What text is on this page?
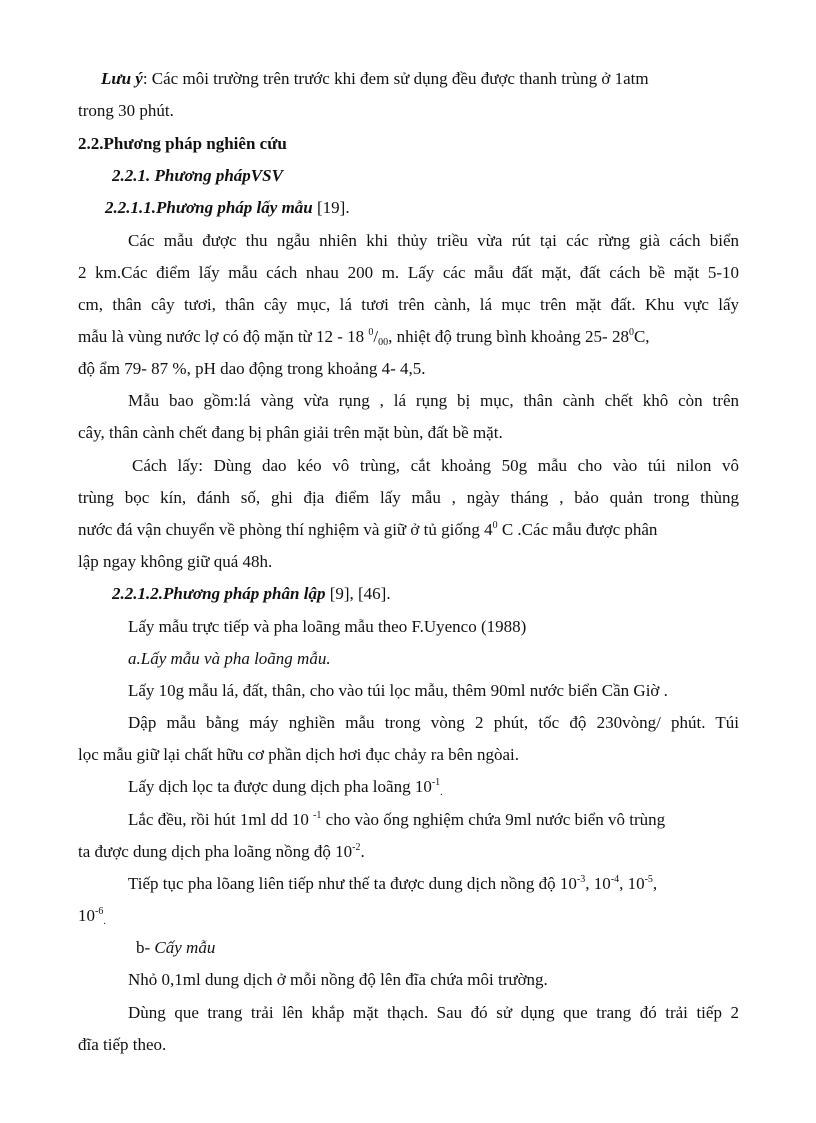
Lưu ý: Các môi trường trên trước khi đem sử dụng đều được thanh trùng ở 1atm
trong 30 phút.
2.2.Phương pháp nghiên cứu
2.2.1. Phương phápVSV
2.2.1.1.Phương pháp lấy mẫu [19].
Các mẫu được thu ngẫu nhiên khi thủy triều vừa rút tại các rừng già cách biển
2 km.Các điểm lấy mẫu cách nhau 200 m. Lấy các mẫu đất mặt, đất cách bề mặt 5-10
cm, thân cây tươi, thân cây mục, lá tươi trên cành, lá mục trên mặt đất. Khu vực lấy
mẫu là vùng nước lợ có độ mặn từ 12 - 18 $^0/_{00}$, nhiệt độ trung bình khoảng 25- $28^0C$,
độ ẩm 79- 87 %, pH dao động trong khoảng 4- 4,5.
Mẫu bao gồm:lá vàng vừa rụng , lá rụng bị mục, thân cành chết khô còn trên
cây, thân cành chết đang bị phân giải trên mặt bùn, đất bề mặt.
Cách lấy: Dùng dao kéo vô trùng, cắt khoảng 50g mẫu cho vào túi nilon vô
trùng bọc kín, đánh số, ghi địa điểm lấy mẫu , ngày tháng , bảo quản trong thùng
nước đá vận chuyển về phòng thí nghiệm và giữ ở tủ giống $4^0$ C .Các mẫu được phân
lập ngay không giữ quá 48h.
2.2.1.2.Phương pháp phân lập [9], [46].
Lấy mẫu trực tiếp và pha loãng mẫu theo F.Uyenco (1988)
a.Lấy mẫu và pha loãng mẫu.
Lấy 10g mẫu lá, đất, thân, cho vào túi lọc mẫu, thêm 90ml nước biển Cần Giờ .
Dập mẫu bằng máy nghiền mẫu trong vòng 2 phút, tốc độ 230vòng/ phút. Túi
lọc mẫu giữ lại chất hữu cơ phần dịch hơi đục chảy ra bên ngòai.
Lấy dịch lọc ta được dung dịch pha loãng $10^{-1}_.$
Lắc đều, rồi hút 1ml dd 10 $^{-1}$ cho vào ống nghiệm chứa 9ml nước biển vô trùng
ta được dung dịch pha loãng nồng độ $10^{-2}$.
Tiếp tục pha lõang liên tiếp như thế ta được dung dịch nồng độ $10^{-3}$, $10^{-4}$, $10^{-5}$,
$10^{-6}_.$
b- Cấy mẫu
Nhỏ 0,1ml dung dịch ở mỗi nồng độ lên đĩa chứa môi trường.
Dùng que trang trải lên khắp mặt thạch. Sau đó sử dụng que trang đó trải tiếp 2
đĩa tiếp theo.
